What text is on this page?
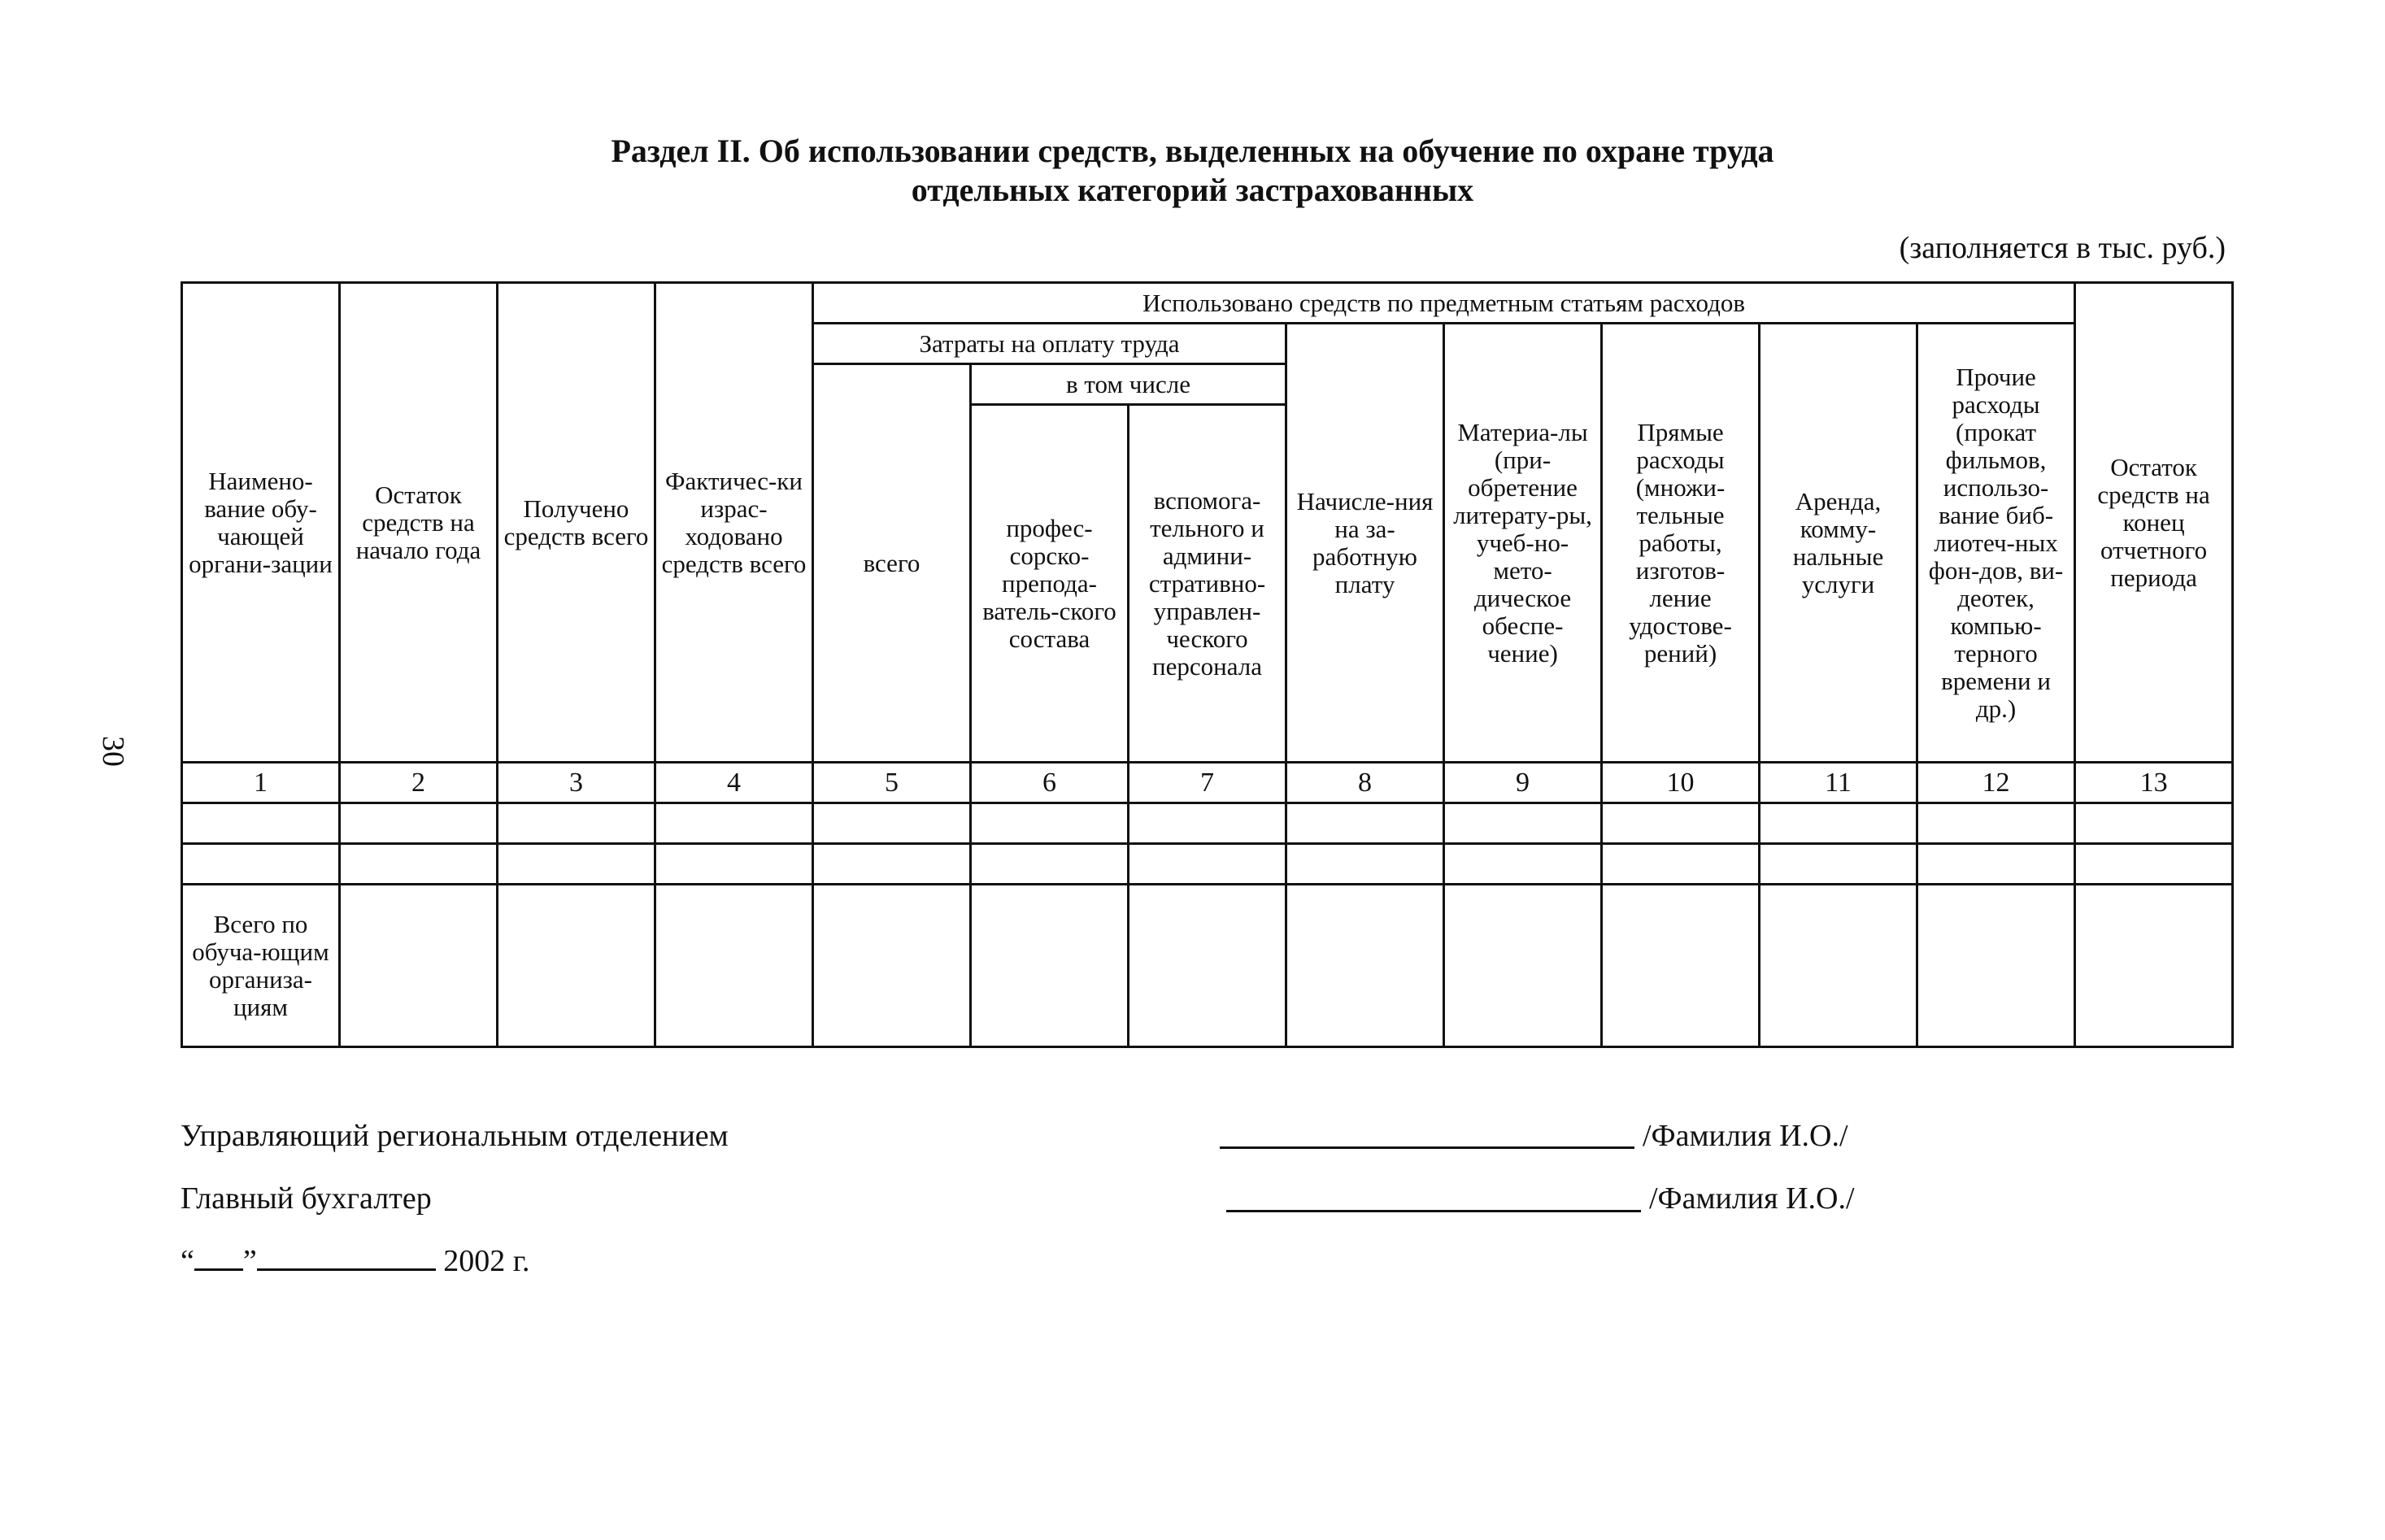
30
Раздел II. Об использовании средств, выделенных на обучение по охране труда
отдельных категорий застрахованных
(заполняется в тыс. руб.)
Наимено-вание обу-чающей органи-зации	Остаток средств на начало года	Получено средств всего	Фактичес-ки израс-ходовано средств всего	Использовано средств по предметным статьям расходов								Остаток средств на конец отчетного периода
				Затраты на оплату труда			Начисле-ния на за-работную плату	Материа-лы (при-обретение литерату-ры, учеб-но-мето-дическое обеспе-чение)	Прямые расходы (множи-тельные работы, изготов-ление удостове-рений)	Аренда, комму-нальные услуги	Прочие расходы (прокат фильмов, использо-вание биб-лиотеч-ных фон-дов, ви-деотек, компью-терного времени и др.)	
				всего	в том числе							
					профес-сорско-препода-ватель-ского состава	вспомога-тельного и админи-стративно-управлен-ческого персонала						
1	2	3	4	5	6	7	8	9	10	11	12	13

Всего по обуча-ющим организа-циям												
Управляющий региональным отделением	/Фамилия И.О./
Главный бухгалтер	/Фамилия И.О./
“ ”	2002 г.
